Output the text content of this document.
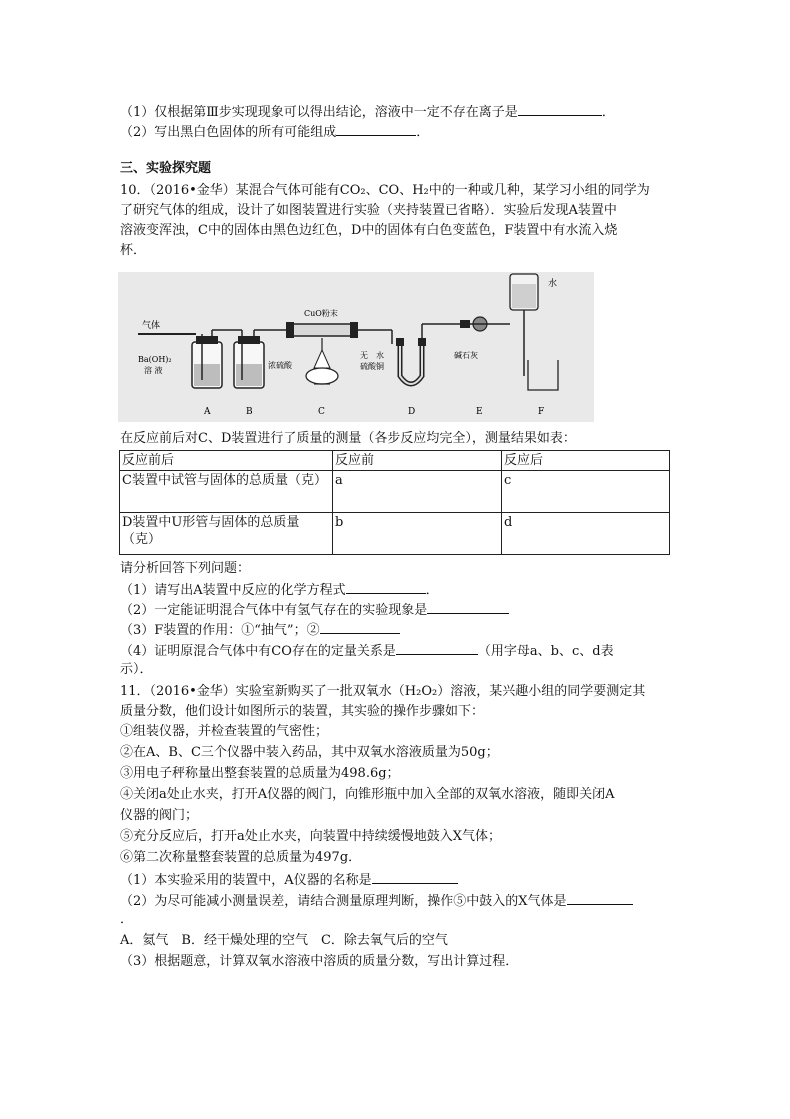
（1）仅根据第Ⅲ步实现现象可以得出结论，溶液中一定不存在离子是	．
（2）写出黑白色固体的所有可能组成	．
三、实验探究题
10．（2016•金华）某混合气体可能有CO₂、CO、H₂中的一种或几种，某学习小组的同学为
了研究气体的组成，设计了如图装置进行实验（夹持装置已省略）．实验后发现A装置中
溶液变浑浊，C中的固体由黑色边红色，D中的固体有白色变蓝色，F装置中有水流入烧
杯．
气体
Ba(OH)₂
溶 液
浓硫酸
CuO粉末
无　水
硫酸铜
碱石灰
水
A	B	C	D	E	F
在反应前后对C、D装置进行了质量的测量（各步反应均完全），测量结果如表：
反应前后	反应前	反应后
C装置中试管与固体的总质量（克）	a	c
D装置中U形管与固体的总质量（克）	b	d
请分析回答下列问题：
（1）请写出A装置中反应的化学方程式	．
（2）一定能证明混合气体中有氢气存在的实验现象是
（3）F装置的作用：①“抽气”；②
（4）证明原混合气体中有CO存在的定量关系是	（用字母a、b、c、d表
示）．
11．（2016•金华）实验室新购买了一批双氧水（H₂O₂）溶液，某兴趣小组的同学要测定其
质量分数，他们设计如图所示的装置，其实验的操作步骤如下：
①组装仪器，并检查装置的气密性；
②在A、B、C三个仪器中装入药品，其中双氧水溶液质量为50g；
③用电子秤称量出整套装置的总质量为498.6g；
④关闭a处止水夹，打开A仪器的阀门，向锥形瓶中加入全部的双氧水溶液，随即关闭A
仪器的阀门；
⑤充分反应后，打开a处止水夹，向装置中持续缓慢地鼓入X气体；
⑥第二次称量整套装置的总质量为497g．
（1）本实验采用的装置中，A仪器的名称是
（2）为尽可能减小测量误差，请结合测量原理判断，操作⑤中鼓入的X气体是
．
A．氦气　B．经干燥处理的空气　C．除去氧气后的空气
（3）根据题意，计算双氧水溶液中溶质的质量分数，写出计算过程．
